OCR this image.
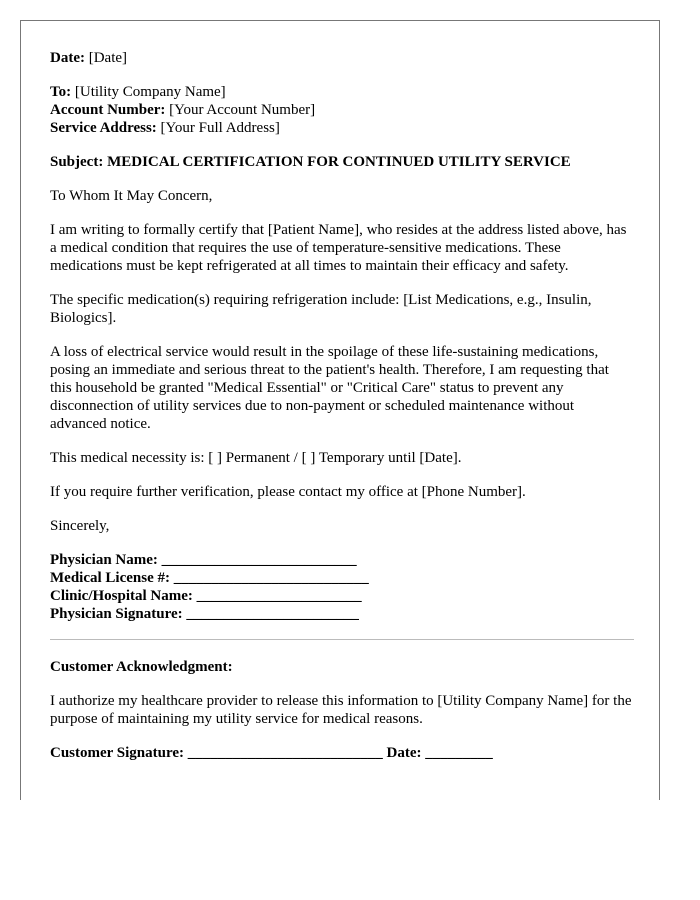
Date: [Date]

To: [Utility Company Name]
Account Number: [Your Account Number]
Service Address: [Your Full Address]

Subject: MEDICAL CERTIFICATION FOR CONTINUED UTILITY SERVICE

To Whom It May Concern,

I am writing to formally certify that [Patient Name], who resides at the address listed above, has a medical condition that requires the use of temperature-sensitive medications. These medications must be kept refrigerated at all times to maintain their efficacy and safety.

The specific medication(s) requiring refrigeration include: [List Medications, e.g., Insulin, Biologics].

A loss of electrical service would result in the spoilage of these life-sustaining medications, posing an immediate and serious threat to the patient's health. Therefore, I am requesting that this household be granted "Medical Essential" or "Critical Care" status to prevent any disconnection of utility services due to non-payment or scheduled maintenance without advanced notice.

This medical necessity is: [ ] Permanent / [ ] Temporary until [Date].

If you require further verification, please contact my office at [Phone Number].

Sincerely,

Physician Name: __________________________
Medical License #: __________________________
Clinic/Hospital Name: ______________________
Physician Signature: _______________________

Customer Acknowledgment:

I authorize my healthcare provider to release this information to [Utility Company Name] for the purpose of maintaining my utility service for medical reasons.

Customer Signature: __________________________ Date: _________
